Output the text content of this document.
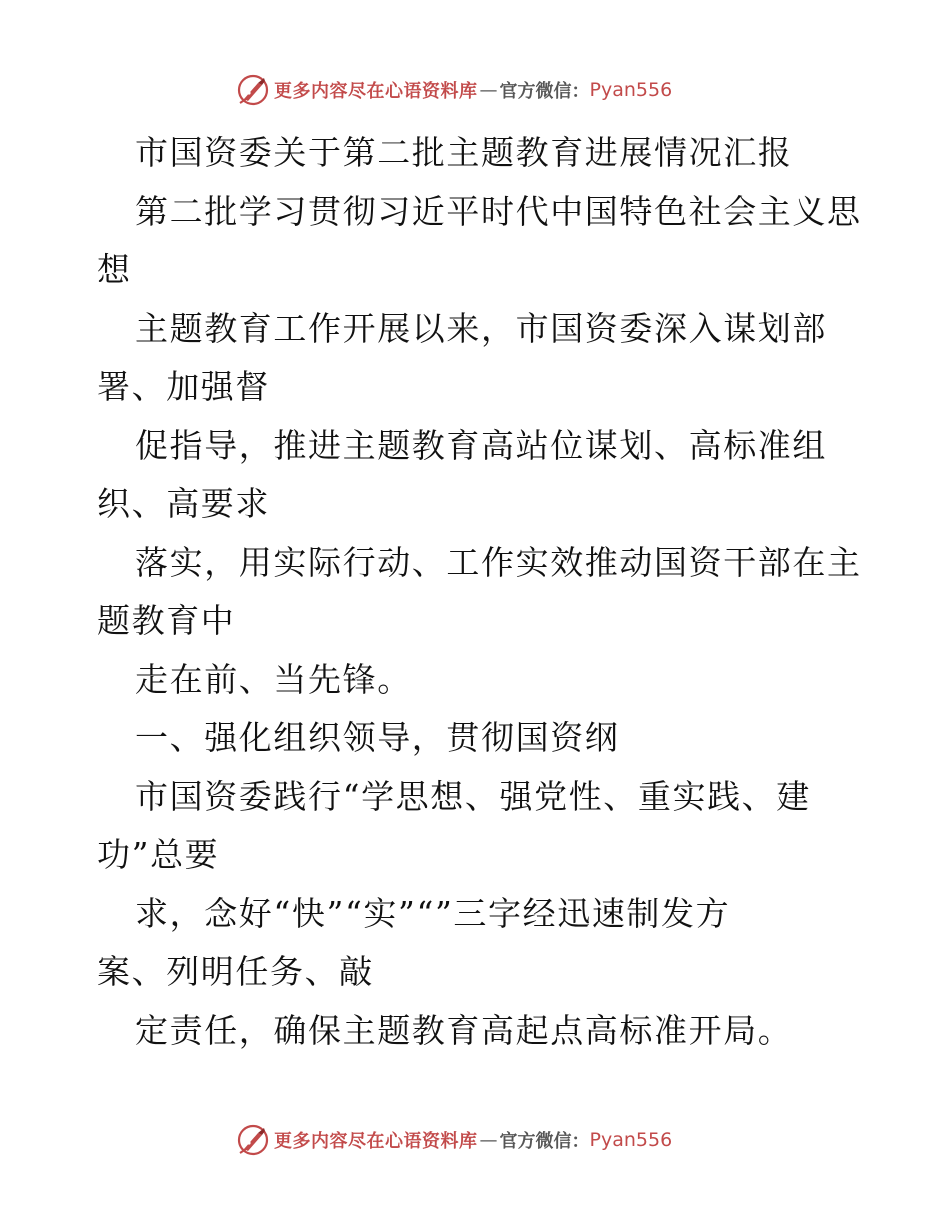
更多内容尽在心语资料库 — 官方微信： Pyan556
市国资委关于第二批主题教育进展情况汇报
第二批学习贯彻习近平时代中国特色社会主义思
想
主题教育工作开展以来，市国资委深入谋划部
署、加强督
促指导，推进主题教育高站位谋划、高标准组
织、高要求
落实，用实际行动、工作实效推动国资干部在主
题教育中
走在前、当先锋。
一、强化组织领导，贯彻国资纲
市国资委践行“学思想、强党性、重实践、建
功”总要
求，念好“快”“实”“”三字经迅速制发方
案、列明任务、敲
定责任，确保主题教育高起点高标准开局。
更多内容尽在心语资料库 — 官方微信： Pyan556
